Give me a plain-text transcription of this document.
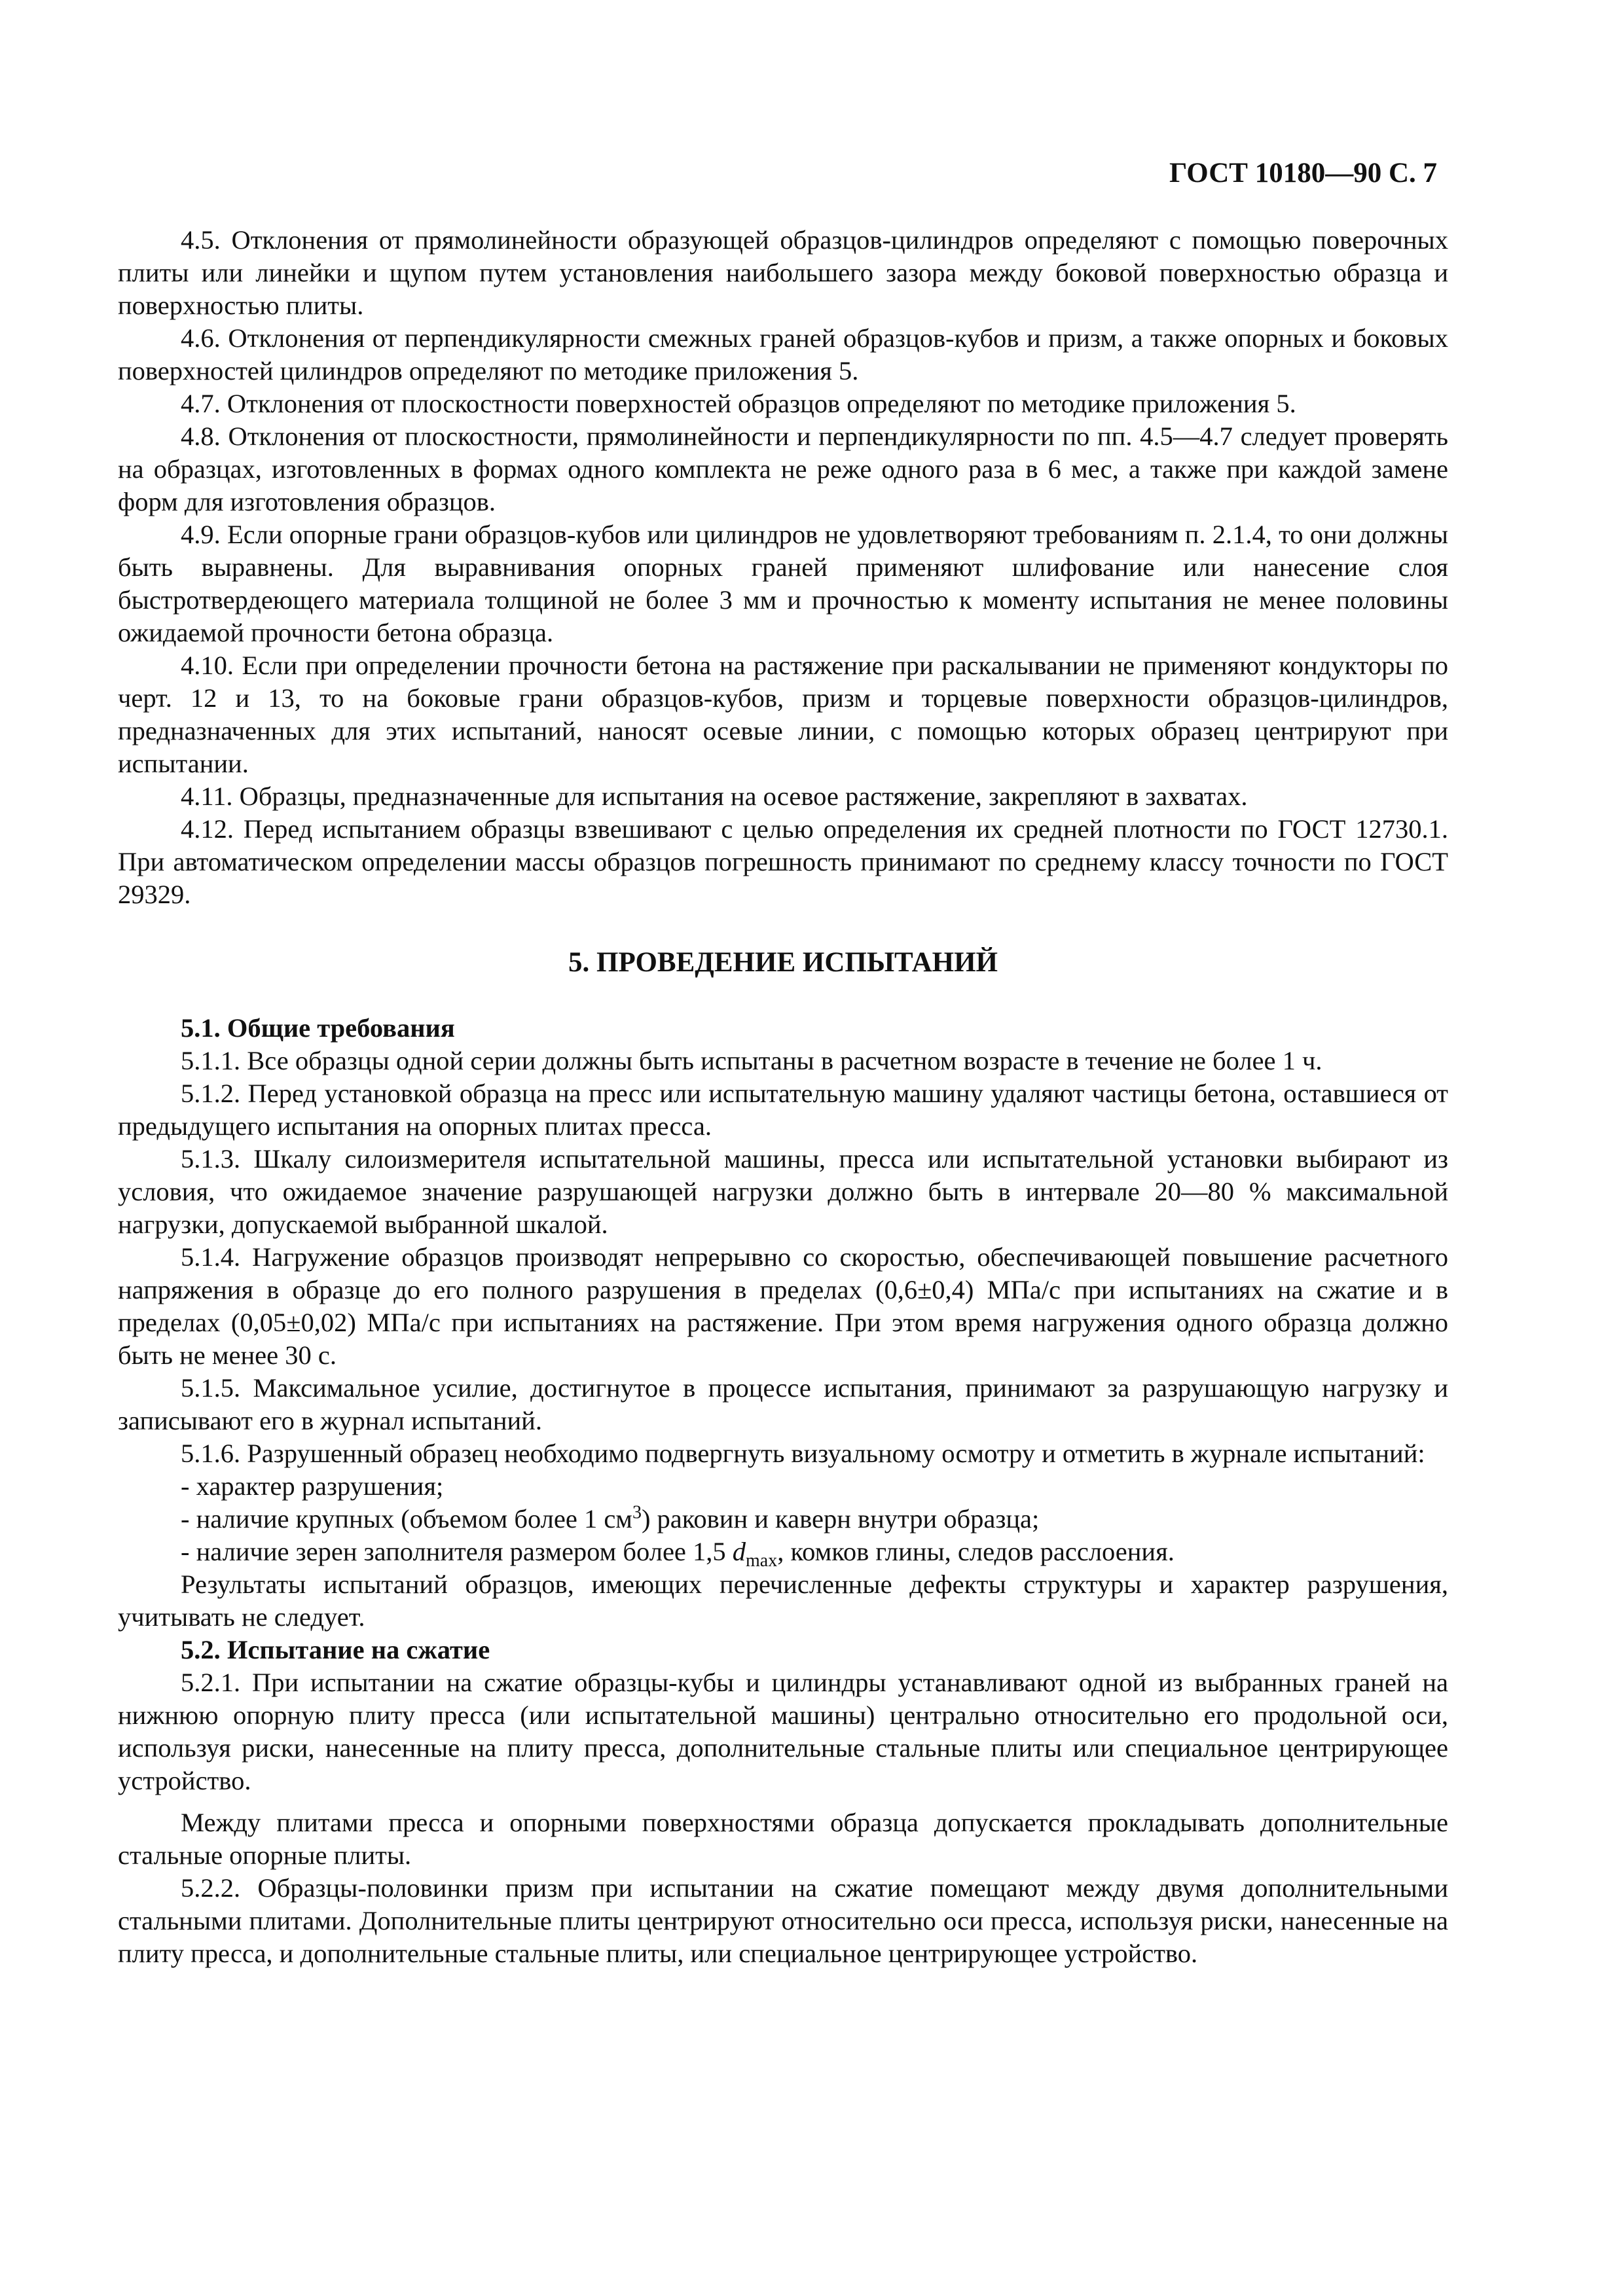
ГОСТ 10180—90 С. 7

4.5. Отклонения от прямолинейности образующей образцов-цилиндров определяют с помощью поверочных плиты или линейки и щупом путем установления наибольшего зазора между боковой поверхностью образца и поверхностью плиты.

4.6. Отклонения от перпендикулярности смежных граней образцов-кубов и призм, а также опорных и боковых поверхностей цилиндров определяют по методике приложения 5.

4.7. Отклонения от плоскостности поверхностей образцов определяют по методике приложения 5.

4.8. Отклонения от плоскостности, прямолинейности и перпендикулярности по пп. 4.5—4.7 следует проверять на образцах, изготовленных в формах одного комплекта не реже одного раза в 6 мес, а также при каждой замене форм для изготовления образцов.

4.9. Если опорные грани образцов-кубов или цилиндров не удовлетворяют требованиям п. 2.1.4, то они должны быть выравнены. Для выравнивания опорных граней применяют шлифование или нанесение слоя быстротвердеющего материала толщиной не более 3 мм и прочностью к моменту испытания не менее половины ожидаемой прочности бетона образца.

4.10. Если при определении прочности бетона на растяжение при раскалывании не применяют кондукторы по черт. 12 и 13, то на боковые грани образцов-кубов, призм и торцевые поверхности образцов-цилиндров, предназначенных для этих испытаний, наносят осевые линии, с помощью которых образец центрируют при испытании.

4.11. Образцы, предназначенные для испытания на осевое растяжение, закрепляют в захватах.

4.12. Перед испытанием образцы взвешивают с целью определения их средней плотности по ГОСТ 12730.1. При автоматическом определении массы образцов погрешность принимают по среднему классу точности по ГОСТ 29329.

5. ПРОВЕДЕНИЕ ИСПЫТАНИЙ

5.1. Общие требования

5.1.1. Все образцы одной серии должны быть испытаны в расчетном возрасте в течение не более 1 ч.

5.1.2. Перед установкой образца на пресс или испытательную машину удаляют частицы бетона, оставшиеся от предыдущего испытания на опорных плитах пресса.

5.1.3. Шкалу силоизмерителя испытательной машины, пресса или испытательной установки выбирают из условия, что ожидаемое значение разрушающей нагрузки должно быть в интервале 20—80 % максимальной нагрузки, допускаемой выбранной шкалой.

5.1.4. Нагружение образцов производят непрерывно со скоростью, обеспечивающей повышение расчетного напряжения в образце до его полного разрушения в пределах (0,6±0,4) МПа/с при испытаниях на сжатие и в пределах (0,05±0,02) МПа/с при испытаниях на растяжение. При этом время нагружения одного образца должно быть не менее 30 с.

5.1.5. Максимальное усилие, достигнутое в процессе испытания, принимают за разрушающую нагрузку и записывают его в журнал испытаний.

5.1.6. Разрушенный образец необходимо подвергнуть визуальному осмотру и отметить в журнале испытаний:

- характер разрушения;

- наличие крупных (объемом более 1 $см^3$) раковин и каверн внутри образца;

- наличие зерен заполнителя размером более 1,5 $d_{max}$, комков глины, следов расслоения.

Результаты испытаний образцов, имеющих перечисленные дефекты структуры и характер разрушения, учитывать не следует.

5.2. Испытание на сжатие

5.2.1. При испытании на сжатие образцы-кубы и цилиндры устанавливают одной из выбранных граней на нижнюю опорную плиту пресса (или испытательной машины) центрально относительно его продольной оси, используя риски, нанесенные на плиту пресса, дополнительные стальные плиты или специальное центрирующее устройство.

Между плитами пресса и опорными поверхностями образца допускается прокладывать дополнительные стальные опорные плиты.

5.2.2. Образцы-половинки призм при испытании на сжатие помещают между двумя дополнительными стальными плитами. Дополнительные плиты центрируют относительно оси пресса, используя риски, нанесенные на плиту пресса, и дополнительные стальные плиты, или специальное центрирующее устройство.
